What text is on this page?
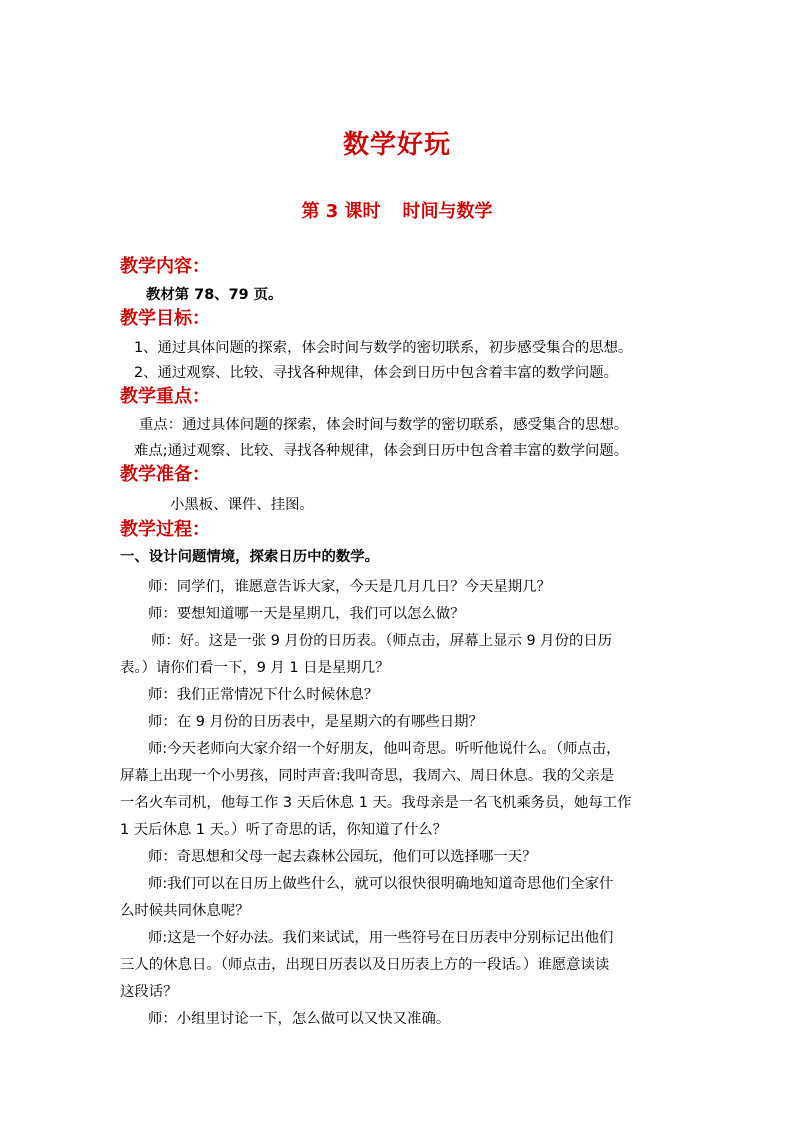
数学好玩
第 3 课时 时间与数学
教学内容：
教材第 78、79 页。
教学目标：
1、通过具体问题的探索，体会时间与数学的密切联系，初步感受集合的思想。
2、通过观察、比较、寻找各种规律，体会到日历中包含着丰富的数学问题。
教学重点：
重点：通过具体问题的探索，体会时间与数学的密切联系，感受集合的思想。
难点;通过观察、比较、寻找各种规律，体会到日历中包含着丰富的数学问题。
教学准备：
小黑板、课件、挂图。
教学过程：
一、设计问题情境，探索日历中的数学。
师：同学们，谁愿意告诉大家，今天是几月几日？今天星期几？
师：要想知道哪一天是星期几，我们可以怎么做？
师：好。这是一张 9 月份的日历表。（师点击，屏幕上显示 9 月份的日历
表。）请你们看一下，9 月 1 日是星期几？
师：我们正常情况下什么时候休息？
师：在 9 月份的日历表中，是星期六的有哪些日期？
师:今天老师向大家介绍一个好朋友，他叫奇思。听听他说什么。（师点击，
屏幕上出现一个小男孩，同时声音:我叫奇思，我周六、周日休息。我的父亲是
一名火车司机，他每工作 3 天后休息 1 天。我母亲是一名飞机乘务员，她每工作
1 天后休息 1 天。）听了奇思的话，你知道了什么？
师：奇思想和父母一起去森林公园玩，他们可以选择哪一天？
师:我们可以在日历上做些什么，就可以很快很明确地知道奇思他们全家什
么时候共同休息呢？
师:这是一个好办法。我们来试试，用一些符号在日历表中分别标记出他们
三人的休息日。（师点击，出现日历表以及日历表上方的一段话。）谁愿意读读
这段话？
师：小组里讨论一下，怎么做可以又快又准确。
